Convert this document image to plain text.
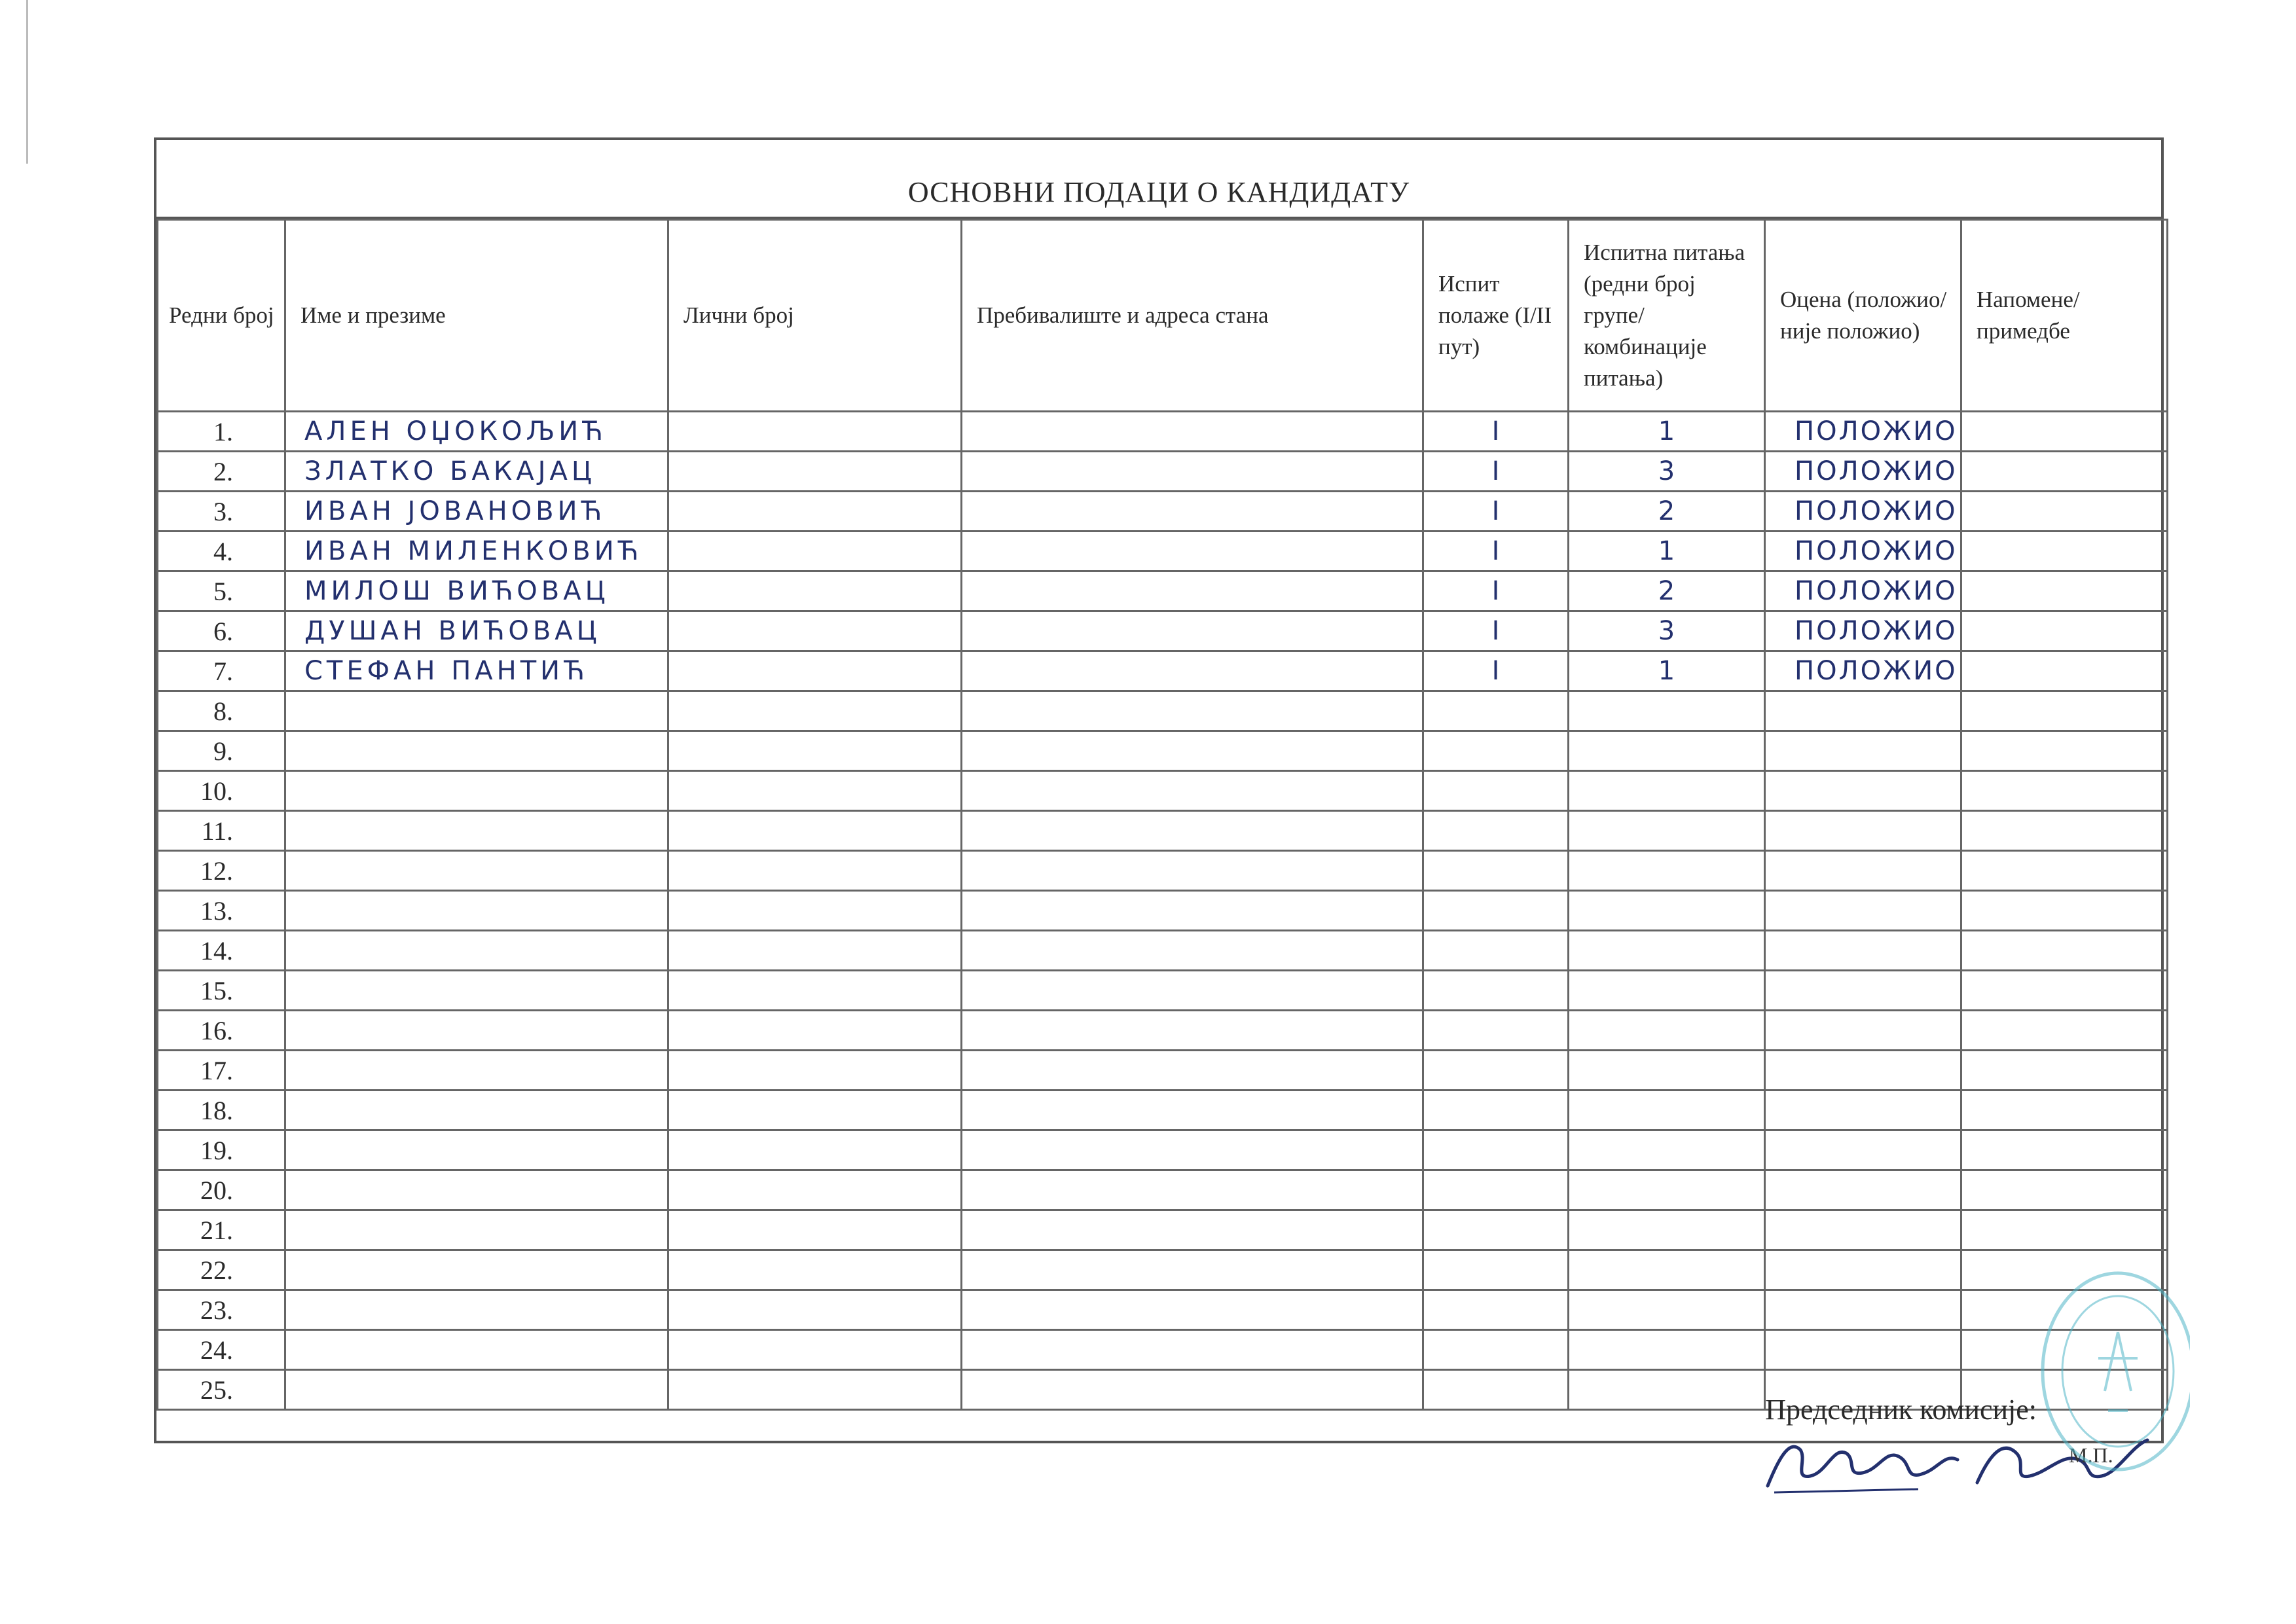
ОСНОВНИ ПОДАЦИ О КАНДИДАТУ
Редни број	Име и презиме	Лични број	Пребивалиште и адреса стана	Испит полаже (I/II пут)	Испитна питања (редни број групе/ комбинације питања)	Оцена (положио/ није положио)	Напомене/ примедбе
1.	АЛЕН ОЏОКОЉИЋ			I	1	ПОЛОЖИО	
2.	ЗЛАТКО БАКАЈАЦ			I	3	ПОЛОЖИО	
3.	ИВАН ЈОВАНОВИЋ			I	2	ПОЛОЖИО	
4.	ИВАН МИЛЕНКОВИЋ			I	1	ПОЛОЖИО	
5.	МИЛОШ ВИЋОВАЦ			I	2	ПОЛОЖИО	
6.	ДУШАН ВИЋОВАЦ			I	3	ПОЛОЖИО	
7.	СТЕФАН ПАНТИЋ			I	1	ПОЛОЖИО	
8.							
9.							
10.							
11.							
12.							
13.							
14.							
15.							
16.							
17.							
18.							
19.							
20.							
21.							
22.							
23.							
24.							
25.							
Председник комисије:
М.П.
